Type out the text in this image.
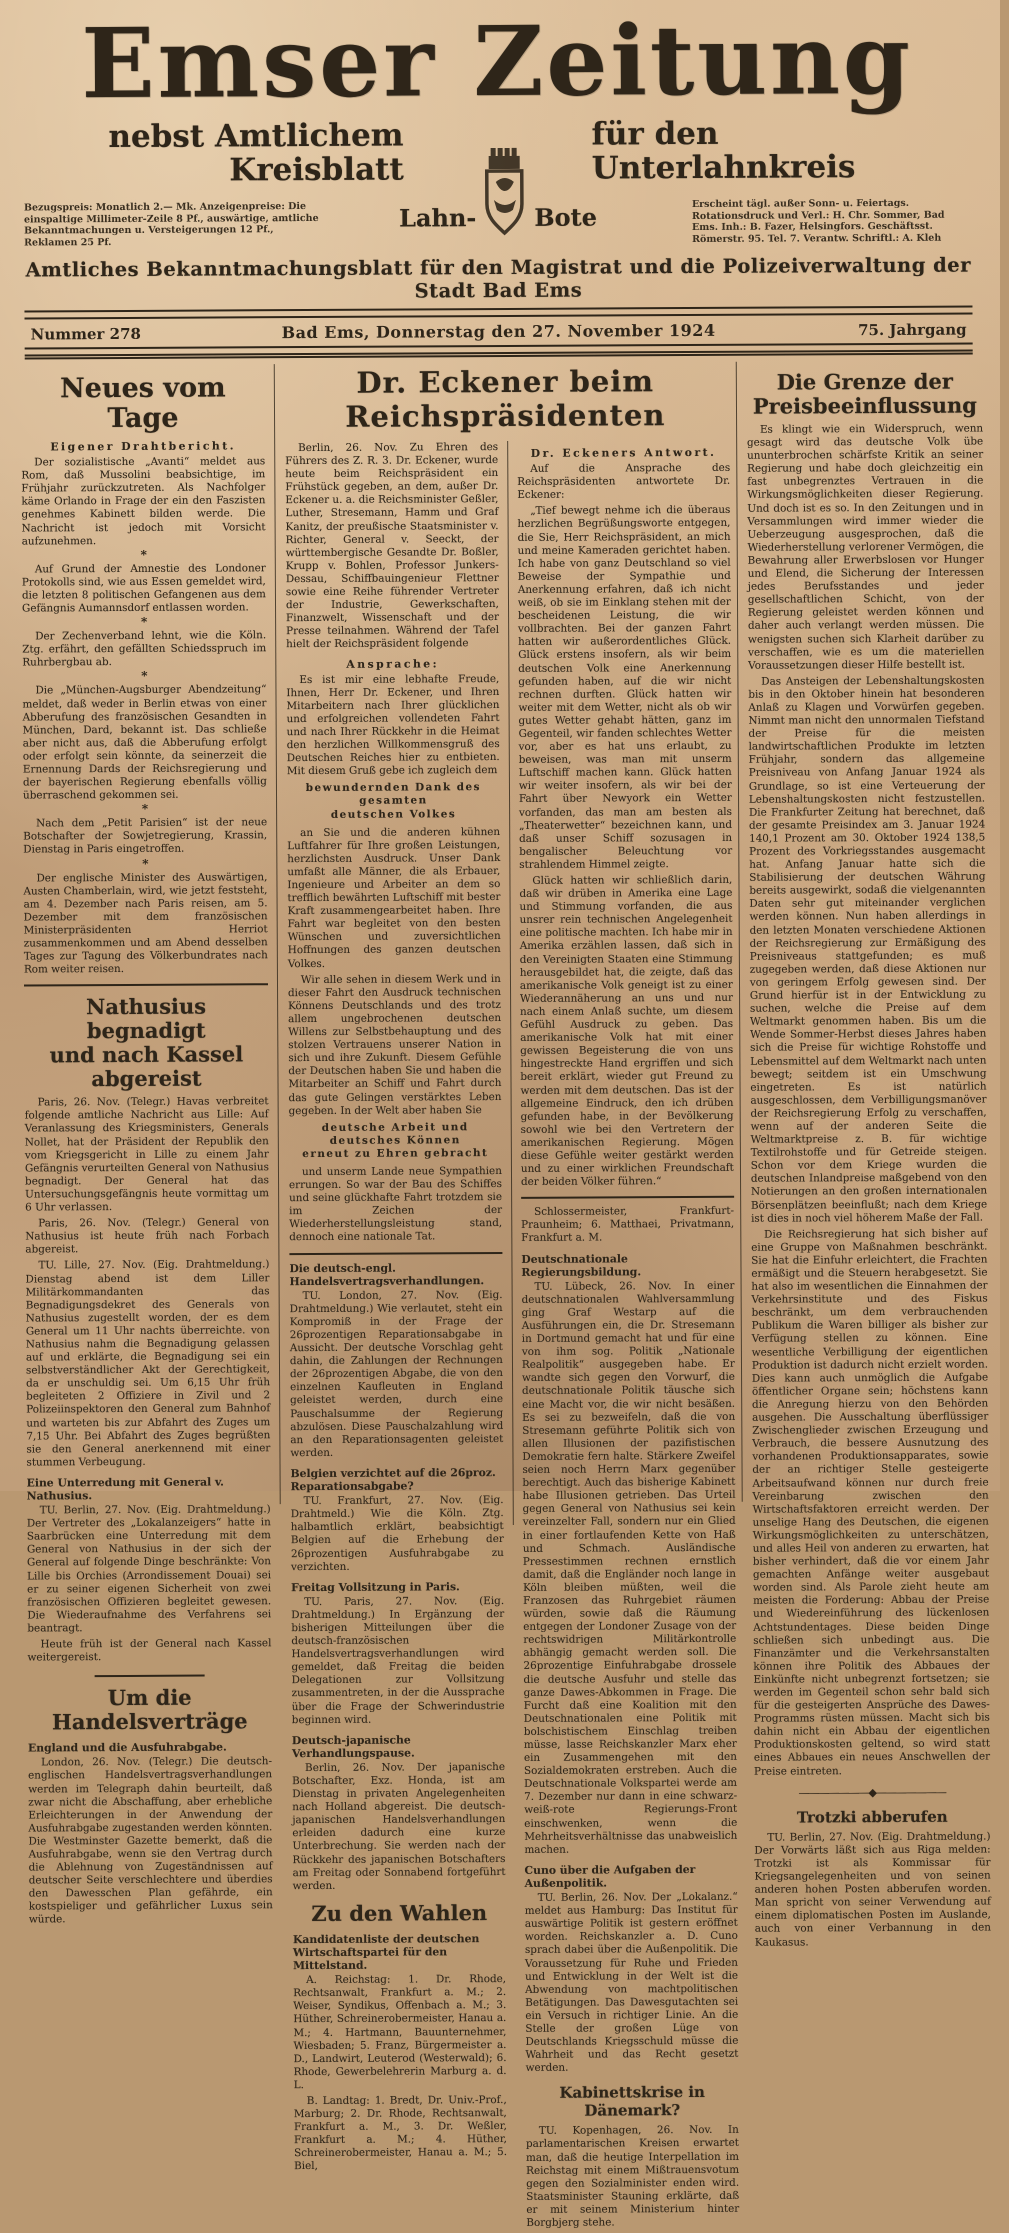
Emser Zeitung
nebst Amtlichem Kreisblatt
Bezugspreis: Monatlich 2.— Mk. Anzeigenpreise: Die einspaltige Millimeter-Zeile 8 Pf., auswärtige, amtliche Bekanntmachungen u. Versteigerungen 12 Pf., Reklamen 25 Pf.
Lahn- Bote
für den Unterlahnkreis
Erscheint tägl. außer Sonn- u. Feiertags. Rotationsdruck und Verl.: H. Chr. Sommer, Bad Ems. Inh.: B. Fazer, Helsingfors. Geschäftsst. Römerstr. 95. Tel. 7. Verantw. Schriftl.: A. Kleh
Amtliches Bekanntmachungsblatt für den Magistrat und die Polizeiverwaltung der Stadt Bad Ems
Nummer 278	Bad Ems, Donnerstag den 27. November 1924	75. Jahrgang
Neues vom Tage
Eigener Drahtbericht.
Der sozialistische „Avanti“ meldet aus Rom, daß Mussolini beabsichtige, im Frühjahr zurückzutreten. Als Nachfolger käme Orlando in Frage der ein den Faszisten genehmes Kabinett bilden werde. Die Nachricht ist jedoch mit Vorsicht aufzunehmen.
*
Auf Grund der Amnestie des Londoner Protokolls sind, wie aus Essen gemeldet wird, die letzten 8 politischen Gefangenen aus dem Gefängnis Aumannsdorf entlassen worden.
*
Der Zechenverband lehnt, wie die Köln. Ztg. erfährt, den gefällten Schiedsspruch im Ruhrbergbau ab.
*
Die „München-Augsburger Abendzeitung“ meldet, daß weder in Berlin etwas von einer Abberufung des französischen Gesandten in München, Dard, bekannt ist. Das schließe aber nicht aus, daß die Abberufung erfolgt oder erfolgt sein könnte, da seinerzeit die Ernennung Dards der Reichsregierung und der bayerischen Regierung ebenfalls völlig überraschend gekommen sei.
*
Nach dem „Petit Parisien“ ist der neue Botschafter der Sowjetregierung, Krassin, Dienstag in Paris eingetroffen.
*
Der englische Minister des Auswärtigen, Austen Chamberlain, wird, wie jetzt feststeht, am 4. Dezember nach Paris reisen, am 5. Dezember mit dem französischen Ministerpräsidenten Herriot zusammenkommen und am Abend desselben Tages zur Tagung des Völkerbundrates nach Rom weiter reisen.
Nathusius begnadigt
und nach Kassel abgereist
Paris, 26. Nov. (Telegr.) Havas verbreitet folgende amtliche Nachricht aus Lille: Auf Veranlassung des Kriegsministers, Generals Nollet, hat der Präsident der Republik den vom Kriegsgericht in Lille zu einem Jahr Gefängnis verurteilten General von Nathusius begnadigt. Der General hat das Untersuchungsgefängnis heute vormittag um 6 Uhr verlassen.
Paris, 26. Nov. (Telegr.) General von Nathusius ist heute früh nach Forbach abgereist.
TU. Lille, 27. Nov. (Eig. Drahtmeldung.) Dienstag abend ist dem Liller Militärkommandanten das Begnadigungsdekret des Generals von Nathusius zugestellt worden, der es dem General um 11 Uhr nachts überreichte. von Nathusius nahm die Begnadigung gelassen auf und erklärte, die Begnadigung sei ein selbstverständlicher Akt der Gerechtigkeit, da er unschuldig sei. Um 6,15 Uhr früh begleiteten 2 Offiziere in Zivil und 2 Polizeiinspektoren den General zum Bahnhof und warteten bis zur Abfahrt des Zuges um 7,15 Uhr. Bei Abfahrt des Zuges begrüßten sie den General anerkennend mit einer stummen Verbeugung.
Eine Unterredung mit General v. Nathusius.
TU. Berlin, 27. Nov. (Eig. Drahtmeldung.) Der Vertreter des „Lokalanzeigers“ hatte in Saarbrücken eine Unterredung mit dem General von Nathusius in der sich der General auf folgende Dinge beschränkte: Von Lille bis Orchies (Arrondissement Douai) sei er zu seiner eigenen Sicherheit von zwei französischen Offizieren begleitet gewesen. Die Wiederaufnahme des Verfahrens sei beantragt.
Heute früh ist der General nach Kassel weitergereist.
Um die Handelsverträge
England und die Ausfuhrabgabe.
London, 26. Nov. (Telegr.) Die deutsch-englischen Handelsvertragsverhandlungen werden im Telegraph dahin beurteilt, daß zwar nicht die Abschaffung, aber erhebliche Erleichterungen in der Anwendung der Ausfuhrabgabe zugestanden werden könnten. Die Westminster Gazette bemerkt, daß die Ausfuhrabgabe, wenn sie den Vertrag durch die Ablehnung von Zugeständnissen auf deutscher Seite verschlechtere und überdies den Dawesschen Plan gefährde, ein kostspieliger und gefährlicher Luxus sein würde.
Dr. Eckener beim Reichspräsidenten
Berlin, 26. Nov. Zu Ehren des Führers des Z. R. 3. Dr. Eckener, wurde heute beim Reichspräsident ein Frühstück gegeben, an dem, außer Dr. Eckener u. a. die Reichsminister Geßler, Luther, Stresemann, Hamm und Graf Kanitz, der preußische Staatsminister v. Richter, General v. Seeckt, der württembergische Gesandte Dr. Boßler, Krupp v. Bohlen, Professor Junkers-Dessau, Schiffbauingenieur Flettner sowie eine Reihe führender Vertreter der Industrie, Gewerkschaften, Finanzwelt, Wissenschaft und der Presse teilnahmen. Während der Tafel hielt der Reichspräsident folgende
Ansprache:
Es ist mir eine lebhafte Freude, Ihnen, Herr Dr. Eckener, und Ihren Mitarbeitern nach Ihrer glücklichen und erfolgreichen vollendeten Fahrt und nach Ihrer Rückkehr in die Heimat den herzlichen Willkommensgruß des Deutschen Reiches hier zu entbieten. Mit diesem Gruß gebe ich zugleich dem
bewundernden Dank des gesamten
deutschen Volkes
an Sie und die anderen kühnen Luftfahrer für Ihre großen Leistungen, herzlichsten Ausdruck. Unser Dank umfaßt alle Männer, die als Erbauer, Ingenieure und Arbeiter an dem so trefflich bewährten Luftschiff mit bester Kraft zusammengearbeitet haben. Ihre Fahrt war begleitet von den besten Wünschen und zuversichtlichen Hoffnungen des ganzen deutschen Volkes.
Wir alle sehen in diesem Werk und in dieser Fahrt den Ausdruck technischen Könnens Deutschlands und des trotz allem ungebrochenen deutschen Willens zur Selbstbehauptung und des stolzen Vertrauens unserer Nation in sich und ihre Zukunft. Diesem Gefühle der Deutschen haben Sie und haben die Mitarbeiter an Schiff und Fahrt durch das gute Gelingen verstärktes Leben gegeben. In der Welt aber haben Sie
deutsche Arbeit und deutsches Können
erneut zu Ehren gebracht
und unserm Lande neue Sympathien errungen. So war der Bau des Schiffes und seine glückhafte Fahrt trotzdem sie im Zeichen der Wiederherstellungsleistung stand, dennoch eine nationale Tat.
Die deutsch-engl. Handelsvertragsverhandlungen.
TU. London, 27. Nov. (Eig. Drahtmeldung.) Wie verlautet, steht ein Kompromiß in der Frage der 26prozentigen Reparationsabgabe in Aussicht. Der deutsche Vorschlag geht dahin, die Zahlungen der Rechnungen der 26prozentigen Abgabe, die von den einzelnen Kaufleuten in England geleistet werden, durch eine Pauschalsumme der Regierung abzulösen. Diese Pauschalzahlung wird an den Reparationsagenten geleistet werden.
Belgien verzichtet auf die 26proz. Reparationsabgabe?
TU. Frankfurt, 27. Nov. (Eig. Drahtmeld.) Wie die Köln. Ztg. halbamtlich erklärt, beabsichtigt Belgien auf die Erhebung der 26prozentigen Ausfuhrabgabe zu verzichten.
Freitag Vollsitzung in Paris.
TU. Paris, 27. Nov. (Eig. Drahtmeldung.) In Ergänzung der bisherigen Mitteilungen über die deutsch-französischen Handelsvertragsverhandlungen wird gemeldet, daß Freitag die beiden Delegationen zur Vollsitzung zusammentreten, in der die Aussprache über die Frage der Schwerindustrie beginnen wird.
Deutsch-japanische Verhandlungspause.
Berlin, 26. Nov. Der japanische Botschafter, Exz. Honda, ist am Dienstag in privaten Angelegenheiten nach Holland abgereist. Die deutsch-japanischen Handelsverhandlungen erleiden dadurch eine kurze Unterbrechung. Sie werden nach der Rückkehr des japanischen Botschafters am Freitag oder Sonnabend fortgeführt werden.
Zu den Wahlen
Kandidatenliste der deutschen Wirtschaftspartei für den Mittelstand.
A. Reichstag: 1. Dr. Rhode, Rechtsanwalt, Frankfurt a. M.; 2. Weiser, Syndikus, Offenbach a. M.; 3. Hüther, Schreinerobermeister, Hanau a. M.; 4. Hartmann, Bauunternehmer, Wiesbaden; 5. Franz, Bürgermeister a. D., Landwirt, Leuterod (Westerwald); 6. Rhode, Gewerbelehrerin Marburg a. d. L.
B. Landtag: 1. Bredt, Dr. Univ.-Prof., Marburg; 2. Dr. Rhode, Rechtsanwalt, Frankfurt a. M., 3. Dr. Weßler, Frankfurt a. M.; 4. Hüther, Schreinerobermeister, Hanau a. M.; 5. Biel,
Dr. Eckeners Antwort.
Auf die Ansprache des Reichspräsidenten antwortete Dr. Eckener:
„Tief bewegt nehme ich die überaus herzlichen Begrüßungsworte entgegen, die Sie, Herr Reichspräsident, an mich und meine Kameraden gerichtet haben. Ich habe von ganz Deutschland so viel Beweise der Sympathie und Anerkennung erfahren, daß ich nicht weiß, ob sie im Einklang stehen mit der bescheidenen Leistung, die wir vollbrachten. Bei der ganzen Fahrt hatten wir außerordentliches Glück. Glück erstens insofern, als wir beim deutschen Volk eine Anerkennung gefunden haben, auf die wir nicht rechnen durften. Glück hatten wir weiter mit dem Wetter, nicht als ob wir gutes Wetter gehabt hätten, ganz im Gegenteil, wir fanden schlechtes Wetter vor, aber es hat uns erlaubt, zu beweisen, was man mit unserm Luftschiff machen kann. Glück hatten wir weiter insofern, als wir bei der Fahrt über Newyork ein Wetter vorfanden, das man am besten als „Theaterwetter“ bezeichnen kann, und daß unser Schiff sozusagen in bengalischer Beleuchtung vor strahlendem Himmel zeigte.
Glück hatten wir schließlich darin, daß wir drüben in Amerika eine Lage und Stimmung vorfanden, die aus unsrer rein technischen Angelegenheit eine politische machten. Ich habe mir in Amerika erzählen lassen, daß sich in den Vereinigten Staaten eine Stimmung herausgebildet hat, die zeigte, daß das amerikanische Volk geneigt ist zu einer Wiederannäherung an uns und nur nach einem Anlaß suchte, um diesem Gefühl Ausdruck zu geben. Das amerikanische Volk hat mit einer gewissen Begeisterung die von uns hingestreckte Hand ergriffen und sich bereit erklärt, wieder gut Freund zu werden mit dem deutschen. Das ist der allgemeine Eindruck, den ich drüben gefunden habe, in der Bevölkerung sowohl wie bei den Vertretern der amerikanischen Regierung. Mögen diese Gefühle weiter gestärkt werden und zu einer wirklichen Freundschaft der beiden Völker führen.“
Schlossermeister, Frankfurt-Praunheim; 6. Matthaei, Privatmann, Frankfurt a. M.
Deutschnationale Regierungsbildung.
TU. Lübeck, 26. Nov. In einer deutschnationalen Wahlversammlung ging Graf Westarp auf die Ausführungen ein, die Dr. Stresemann in Dortmund gemacht hat und für eine von ihm sog. Politik „Nationale Realpolitik“ ausgegeben habe. Er wandte sich gegen den Vorwurf, die deutschnationale Politik täusche sich eine Macht vor, die wir nicht besäßen. Es sei zu bezweifeln, daß die von Stresemann geführte Politik sich von allen Illusionen der pazifistischen Demokratie fern halte. Stärkere Zweifel seien noch Herrn Marx gegenüber berechtigt. Auch das bisherige Kabinett habe Illusionen getrieben. Das Urteil gegen General von Nathusius sei kein vereinzelter Fall, sondern nur ein Glied in einer fortlaufenden Kette von Haß und Schmach. Ausländische Pressestimmen rechnen ernstlich damit, daß die Engländer noch lange in Köln bleiben müßten, weil die Franzosen das Ruhrgebiet räumen würden, sowie daß die Räumung entgegen der Londoner Zusage von der rechtswidrigen Militärkontrolle abhängig gemacht werden soll. Die 26prozentige Einfuhrabgabe drossele die deutsche Ausfuhr und stelle das ganze Dawes-Abkommen in Frage. Die Furcht daß eine Koalition mit den Deutschnationalen eine Politik mit bolschistischem Einschlag treiben müsse, lasse Reichskanzler Marx eher ein Zusammengehen mit den Sozialdemokraten erstreben. Auch die Deutschnationale Volkspartei werde am 7. Dezember nur dann in eine schwarz-weiß-rote Regierungs-Front einschwenken, wenn die Mehrheitsverhältnisse das unabweislich machen.
Cuno über die Aufgaben der Außenpolitik.
TU. Berlin, 26. Nov. Der „Lokalanz.“ meldet aus Hamburg: Das Institut für auswärtige Politik ist gestern eröffnet worden. Reichskanzler a. D. Cuno sprach dabei über die Außenpolitik. Die Voraussetzung für Ruhe und Frieden und Entwicklung in der Welt ist die Abwendung von machtpolitischen Betätigungen. Das Dawesgutachten sei ein Versuch in richtiger Linie. An die Stelle der großen Lüge von Deutschlands Kriegsschuld müsse die Wahrheit und das Recht gesetzt werden.
Kabinettskrise in Dänemark?
TU. Kopenhagen, 26. Nov. In parlamentarischen Kreisen erwartet man, daß die heutige Interpellation im Reichstag mit einem Mißtrauensvotum gegen den Sozialminister enden wird. Staatsminister Stauning erklärte, daß er mit seinem Ministerium hinter Borgbjerg stehe.
Die Grenze der
Preisbeeinflussung
Es klingt wie ein Widerspruch, wenn gesagt wird das deutsche Volk übe ununterbrochen schärfste Kritik an seiner Regierung und habe doch gleichzeitig ein fast unbegrenztes Vertrauen in die Wirkungsmöglichkeiten dieser Regierung. Und doch ist es so. In den Zeitungen und in Versammlungen wird immer wieder die Ueberzeugung ausgesprochen, daß die Wiederherstellung verlorener Vermögen, die Bewahrung aller Erwerbslosen vor Hunger und Elend, die Sicherung der Interessen jedes Berufsstandes und jeder gesellschaftlichen Schicht, von der Regierung geleistet werden können und daher auch verlangt werden müssen. Die wenigsten suchen sich Klarheit darüber zu verschaffen, wie es um die materiellen Voraussetzungen dieser Hilfe bestellt ist.
Das Ansteigen der Lebenshaltungskosten bis in den Oktober hinein hat besonderen Anlaß zu Klagen und Vorwürfen gegeben. Nimmt man nicht den unnormalen Tiefstand der Preise für die meisten landwirtschaftlichen Produkte im letzten Frühjahr, sondern das allgemeine Preisniveau von Anfang Januar 1924 als Grundlage, so ist eine Verteuerung der Lebenshaltungskosten nicht festzustellen. Die Frankfurter Zeitung hat berechnet, daß der gesamte Preisindex am 3. Januar 1924 140,1 Prozent am 30. Oktober 1924 138,5 Prozent des Vorkriegsstandes ausgemacht hat. Anfang Januar hatte sich die Stabilisierung der deutschen Währung bereits ausgewirkt, sodaß die vielgenannten Daten sehr gut miteinander verglichen werden können. Nun haben allerdings in den letzten Monaten verschiedene Aktionen der Reichsregierung zur Ermäßigung des Preisniveaus stattgefunden; es muß zugegeben werden, daß diese Aktionen nur von geringem Erfolg gewesen sind. Der Grund hierfür ist in der Entwicklung zu suchen, welche die Preise auf dem Weltmarkt genommen haben. Bis um die Wende Sommer-Herbst dieses Jahres haben sich die Preise für wichtige Rohstoffe und Lebensmittel auf dem Weltmarkt nach unten bewegt; seitdem ist ein Umschwung eingetreten. Es ist natürlich ausgeschlossen, dem Verbilligungsmanöver der Reichsregierung Erfolg zu verschaffen, wenn auf der anderen Seite die Weltmarktpreise z. B. für wichtige Textilrohstoffe und für Getreide steigen. Schon vor dem Kriege wurden die deutschen Inlandpreise maßgebend von den Notierungen an den großen internationalen Börsenplätzen beeinflußt; nach dem Kriege ist dies in noch viel höherem Maße der Fall.
Die Reichsregierung hat sich bisher auf eine Gruppe von Maßnahmen beschränkt. Sie hat die Einfuhr erleichtert, die Frachten ermäßigt und die Steuern herabgesetzt. Sie hat also im wesentlichen die Einnahmen der Verkehrsinstitute und des Fiskus beschränkt, um dem verbrauchenden Publikum die Waren billiger als bisher zur Verfügung stellen zu können. Eine wesentliche Verbilligung der eigentlichen Produktion ist dadurch nicht erzielt worden. Dies kann auch unmöglich die Aufgabe öffentlicher Organe sein; höchstens kann die Anregung hierzu von den Behörden ausgehen. Die Ausschaltung überflüssiger Zwischenglieder zwischen Erzeugung und Verbrauch, die bessere Ausnutzung des vorhandenen Produktionsapparates, sowie der an richtiger Stelle gesteigerte Arbeitsaufwand können nur durch freie Vereinbarung zwischen den Wirtschaftsfaktoren erreicht werden. Der unselige Hang des Deutschen, die eigenen Wirkungsmöglichkeiten zu unterschätzen, und alles Heil von anderen zu erwarten, hat bisher verhindert, daß die vor einem Jahr gemachten Anfänge weiter ausgebaut worden sind. Als Parole zieht heute am meisten die Forderung: Abbau der Preise und Wiedereinführung des lückenlosen Achtstundentages. Diese beiden Dinge schließen sich unbedingt aus. Die Finanzämter und die Verkehrsanstalten können ihre Politik des Abbaues der Einkünfte nicht unbegrenzt fortsetzen; sie werden im Gegenteil schon sehr bald sich für die gesteigerten Ansprüche des Dawes-Programms rüsten müssen. Macht sich bis dahin nicht ein Abbau der eigentlichen Produktionskosten geltend, so wird statt eines Abbaues ein neues Anschwellen der Preise eintreten.
———————◆———————
Trotzki abberufen
TU. Berlin, 27. Nov. (Eig. Drahtmeldung.) Der Vorwärts läßt sich aus Riga melden: Trotzki ist als Kommissar für Kriegsangelegenheiten und von seinen anderen hohen Posten abberufen worden. Man spricht von seiner Verwendung auf einem diplomatischen Posten im Auslande, auch von einer Verbannung in den Kaukasus.
